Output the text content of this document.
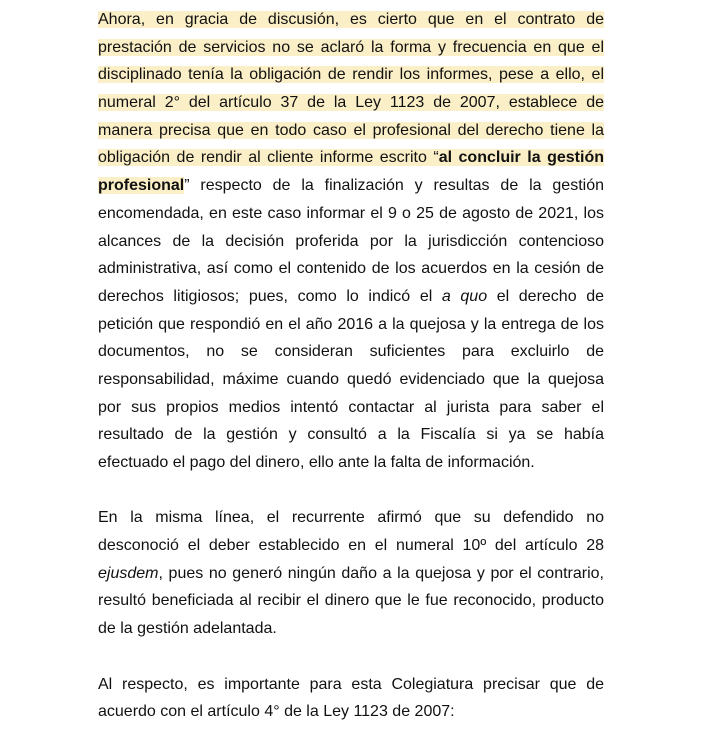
Ahora, en gracia de discusión, es cierto que en el contrato de
prestación de servicios no se aclaró la forma y frecuencia en que el
disciplinado tenía la obligación de rendir los informes, pese a ello, el
numeral 2° del artículo 37 de la Ley 1123 de 2007, establece de
manera precisa que en todo caso el profesional del derecho tiene la
obligación de rendir al cliente informe escrito “al concluir la gestión
profesional” respecto de la finalización y resultas de la gestión
encomendada, en este caso informar el 9 o 25 de agosto de 2021, los
alcances de la decisión proferida por la jurisdicción contencioso
administrativa, así como el contenido de los acuerdos en la cesión de
derechos litigiosos; pues, como lo indicó el a quo el derecho de
petición que respondió en el año 2016 a la quejosa y la entrega de los
documentos, no se consideran suficientes para excluirlo de
responsabilidad, máxime cuando quedó evidenciado que la quejosa
por sus propios medios intentó contactar al jurista para saber el
resultado de la gestión y consultó a la Fiscalía si ya se había
efectuado el pago del dinero, ello ante la falta de información.
En la misma línea, el recurrente afirmó que su defendido no
desconoció el deber establecido en el numeral 10º del artículo 28
ejusdem, pues no generó ningún daño a la quejosa y por el contrario,
resultó beneficiada al recibir el dinero que le fue reconocido, producto
de la gestión adelantada.
Al respecto, es importante para esta Colegiatura precisar que de
acuerdo con el artículo 4° de la Ley 1123 de 2007:
